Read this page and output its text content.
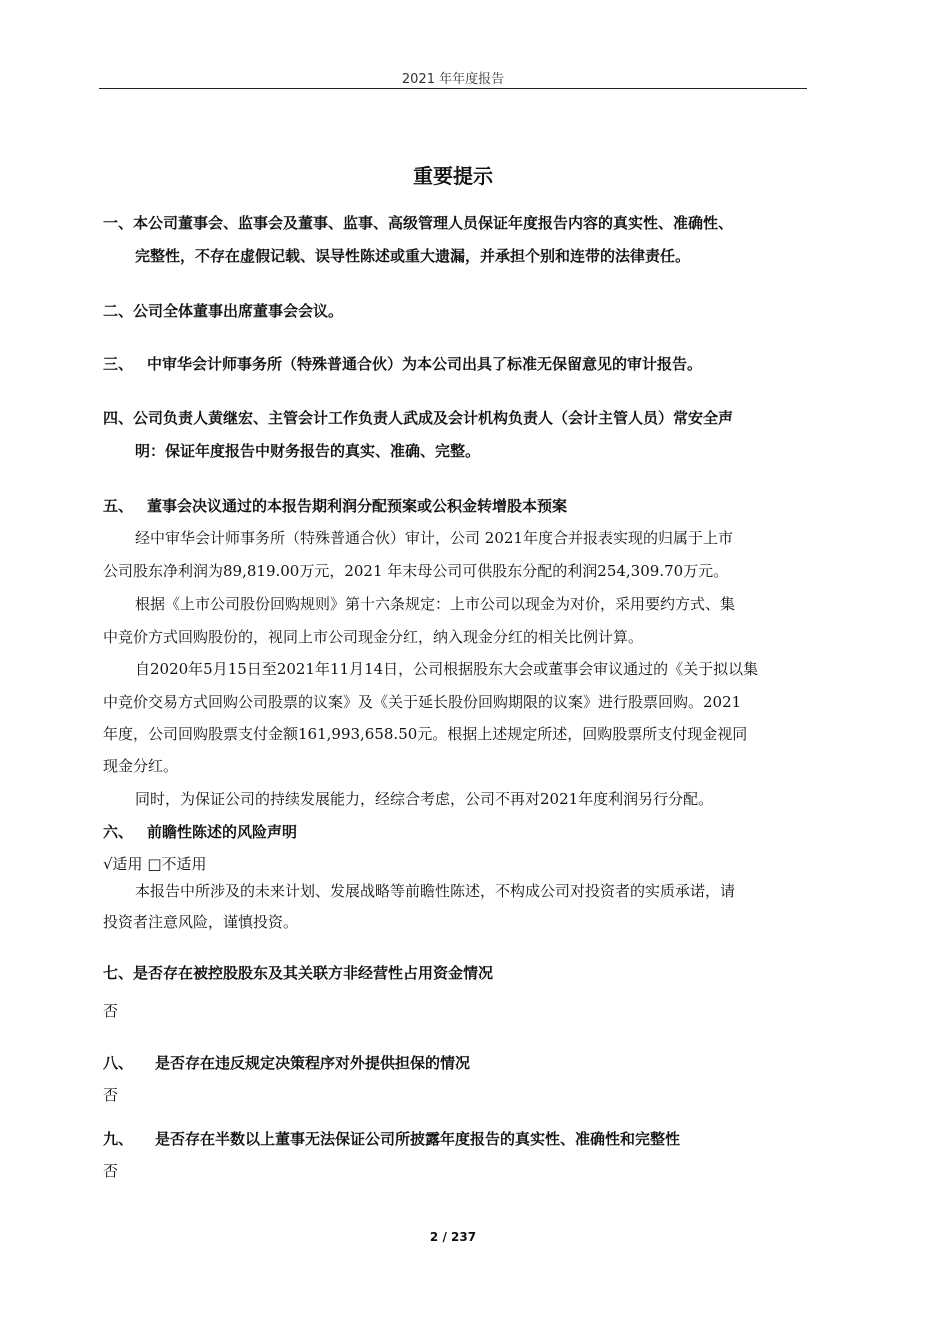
2021 年年度报告
重要提示
一、本公司董事会、监事会及董事、监事、高级管理人员保证年度报告内容的真实性、准确性、
完整性，不存在虚假记载、误导性陈述或重大遗漏，并承担个别和连带的法律责任。
二、公司全体董事出席董事会会议。
三、 中审华会计师事务所（特殊普通合伙）为本公司出具了标准无保留意见的审计报告。
四、公司负责人黄继宏、主管会计工作负责人武成及会计机构负责人（会计主管人员）常安全声
明：保证年度报告中财务报告的真实、准确、完整。
五、 董事会决议通过的本报告期利润分配预案或公积金转增股本预案
经中审华会计师事务所（特殊普通合伙）审计，公司 2021年度合并报表实现的归属于上市
公司股东净利润为89,819.00万元，2021 年末母公司可供股东分配的利润254,309.70万元。
根据《上市公司股份回购规则》第十六条规定：上市公司以现金为对价，采用要约方式、集
中竞价方式回购股份的，视同上市公司现金分红，纳入现金分红的相关比例计算。
自2020年5月15日至2021年11月14日，公司根据股东大会或董事会审议通过的《关于拟以集
中竞价交易方式回购公司股票的议案》及《关于延长股份回购期限的议案》进行股票回购。2021
年度，公司回购股票支付金额161,993,658.50元。根据上述规定所述，回购股票所支付现金视同
现金分红。
同时，为保证公司的持续发展能力，经综合考虑，公司不再对2021年度利润另行分配。
六、 前瞻性陈述的风险声明
√适用 □不适用
本报告中所涉及的未来计划、发展战略等前瞻性陈述，不构成公司对投资者的实质承诺，请
投资者注意风险，谨慎投资。
七、是否存在被控股股东及其关联方非经营性占用资金情况
否
八、 是否存在违反规定决策程序对外提供担保的情况
否
九、 是否存在半数以上董事无法保证公司所披露年度报告的真实性、准确性和完整性
否
2 / 237
